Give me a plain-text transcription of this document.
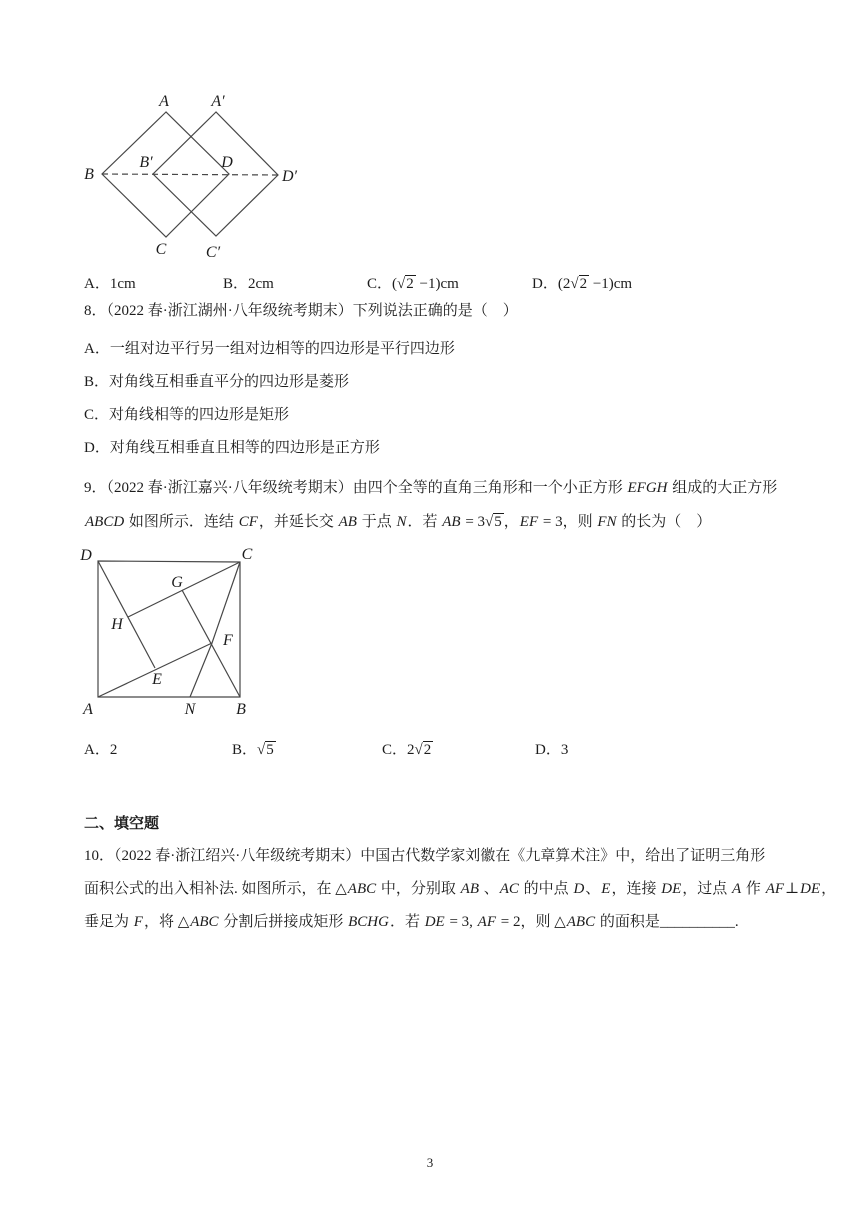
A	A′
B
B′	D
D′
C C′
A．1cm	B．2cm	C．(√2 −1)cm	D．(2√2 −1)cm
8．（2022 春·浙江湖州·八年级统考期末）下列说法正确的是（　）
A．一组对边平行另一组对边相等的四边形是平行四边形
B．对角线互相垂直平分的四边形是菱形
C．对角线相等的四边形是矩形
D．对角线互相垂直且相等的四边形是正方形
9．（2022 春·浙江嘉兴·八年级统考期末）由四个全等的直角三角形和一个小正方形 EFGH 组成的大正方形
ABCD 如图所示．连结 CF，并延长交 AB 于点 N．若 AB = 3√5 ，EF = 3，则 FN 的长为（　）
D	C
G
H
F
E
A	N	B
A．2	B．√5	C．2√2	D．3
二、填空题
10．（2022 春·浙江绍兴·八年级统考期末）中国古代数学家刘徽在《九章算术注》中，给出了证明三角形
面积公式的出入相补法. 如图所示，在 △ABC 中，分别取 AB 、AC 的中点 D、E，连接 DE，过点 A 作 AF⊥DE，
垂足为 F，将 △ABC 分割后拼接成矩形 BCHG．若 DE = 3, AF = 2，则 △ABC 的面积是__________.
3
